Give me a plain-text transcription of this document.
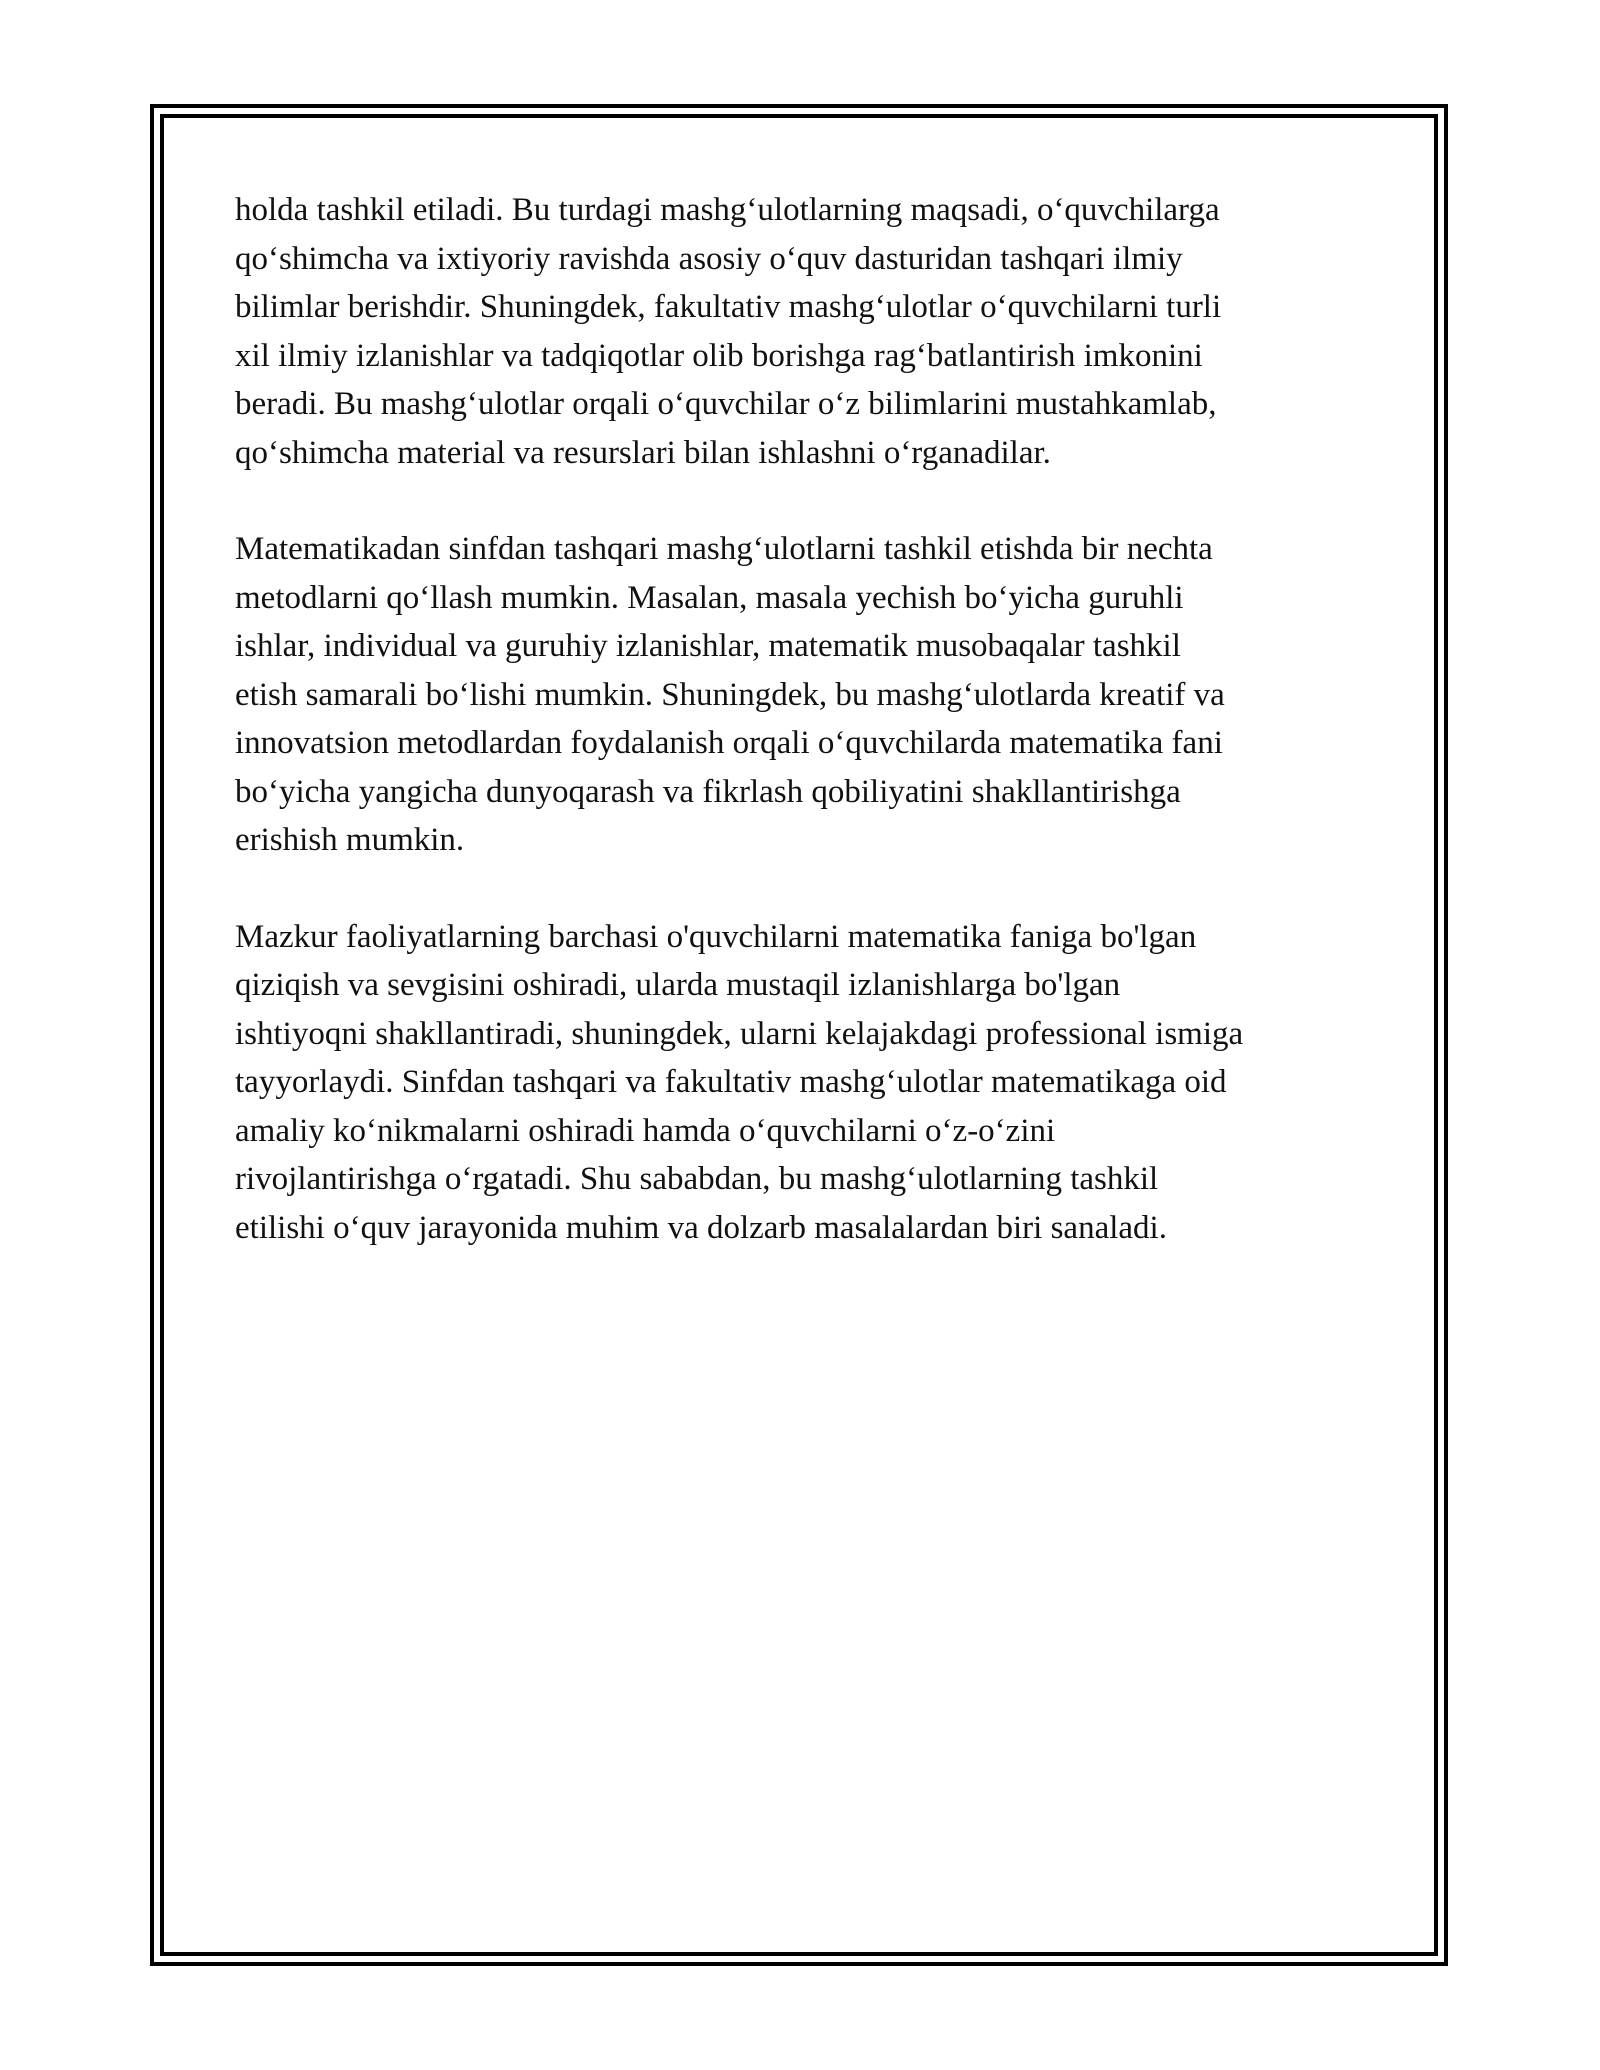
holda tashkil etiladi. Bu turdagi mashg‘ulotlarning maqsadi, o‘quvchilarga
qo‘shimcha va ixtiyoriy ravishda asosiy o‘quv dasturidan tashqari ilmiy
bilimlar berishdir. Shuningdek, fakultativ mashg‘ulotlar o‘quvchilarni turli
xil ilmiy izlanishlar va tadqiqotlar olib borishga rag‘batlantirish imkonini
beradi. Bu mashg‘ulotlar orqali o‘quvchilar o‘z bilimlarini mustahkamlab,
qo‘shimcha material va resurslari bilan ishlashni o‘rganadilar.

Matematikadan sinfdan tashqari mashg‘ulotlarni tashkil etishda bir nechta
metodlarni qo‘llash mumkin. Masalan, masala yechish bo‘yicha guruhli
ishlar, individual va guruhiy izlanishlar, matematik musobaqalar tashkil
etish samarali bo‘lishi mumkin. Shuningdek, bu mashg‘ulotlarda kreatif va
innovatsion metodlardan foydalanish orqali o‘quvchilarda matematika fani
bo‘yicha yangicha dunyoqarash va fikrlash qobiliyatini shakllantirishga
erishish mumkin.

Mazkur faoliyatlarning barchasi o'quvchilarni matematika faniga bo'lgan
qiziqish va sevgisini oshiradi, ularda mustaqil izlanishlarga bo'lgan
ishtiyoqni shakllantiradi, shuningdek, ularni kelajakdagi professional ismiga
tayyorlaydi. Sinfdan tashqari va fakultativ mashg‘ulotlar matematikaga oid
amaliy ko‘nikmalarni oshiradi hamda o‘quvchilarni o‘z-o‘zini
rivojlantirishga o‘rgatadi. Shu sababdan, bu mashg‘ulotlarning tashkil
etilishi o‘quv jarayonida muhim va dolzarb masalalardan biri sanaladi.
